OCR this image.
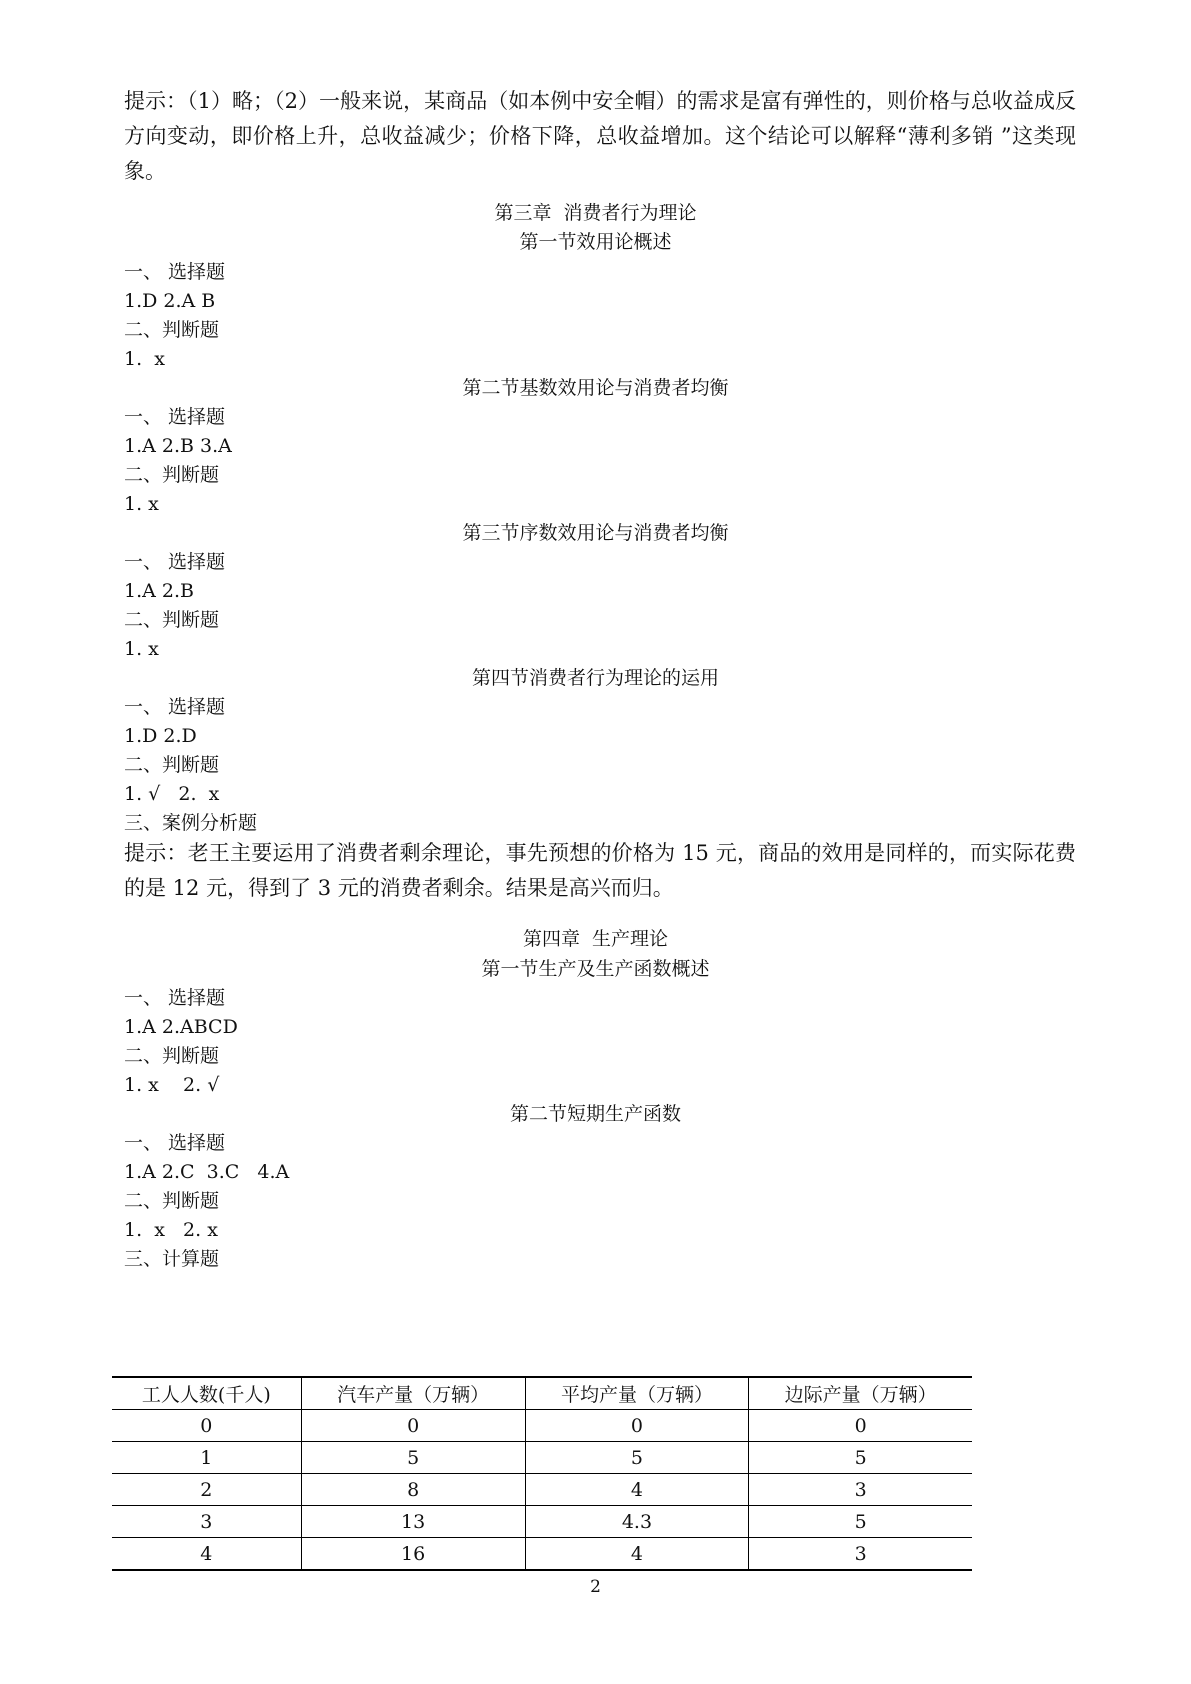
提示：（1）略；（2）一般来说，某商品（如本例中安全帽）的需求是富有弹性的，则价格与总收益成反方向变动，即价格上升，总收益减少；价格下降，总收益增加。这个结论可以解释“薄利多销 ”这类现象。

第三章  消费者行为理论
第一节效用论概述
一、 选择题
1.D 2.A B
二、判断题
1.  x
第二节基数效用论与消费者均衡
一、 选择题
1.A 2.B 3.A
二、判断题
1. x
第三节序数效用论与消费者均衡
一、 选择题
1.A 2.B
二、判断题
1. x
第四节消费者行为理论的运用
一、 选择题
1.D 2.D
二、判断题
1. √   2.  x
三、案例分析题

提示：老王主要运用了消费者剩余理论，事先预想的价格为 15 元，商品的效用是同样的，而实际花费的是 12 元，得到了 3 元的消费者剩余。结果是高兴而归。

第四章  生产理论
第一节生产及生产函数概述
一、 选择题
1.A 2.ABCD
二、判断题
1. x    2. √
第二节短期生产函数
一、 选择题
1.A 2.C  3.C   4.A
二、判断题
1.  x   2. x
三、计算题
工人人数(千人)	汽车产量（万辆）	平均产量（万辆）	边际产量（万辆）
0	0	0	0
1	5	5	5
2	8	4	3
3	13	4.3	5
4	16	4	3
2
